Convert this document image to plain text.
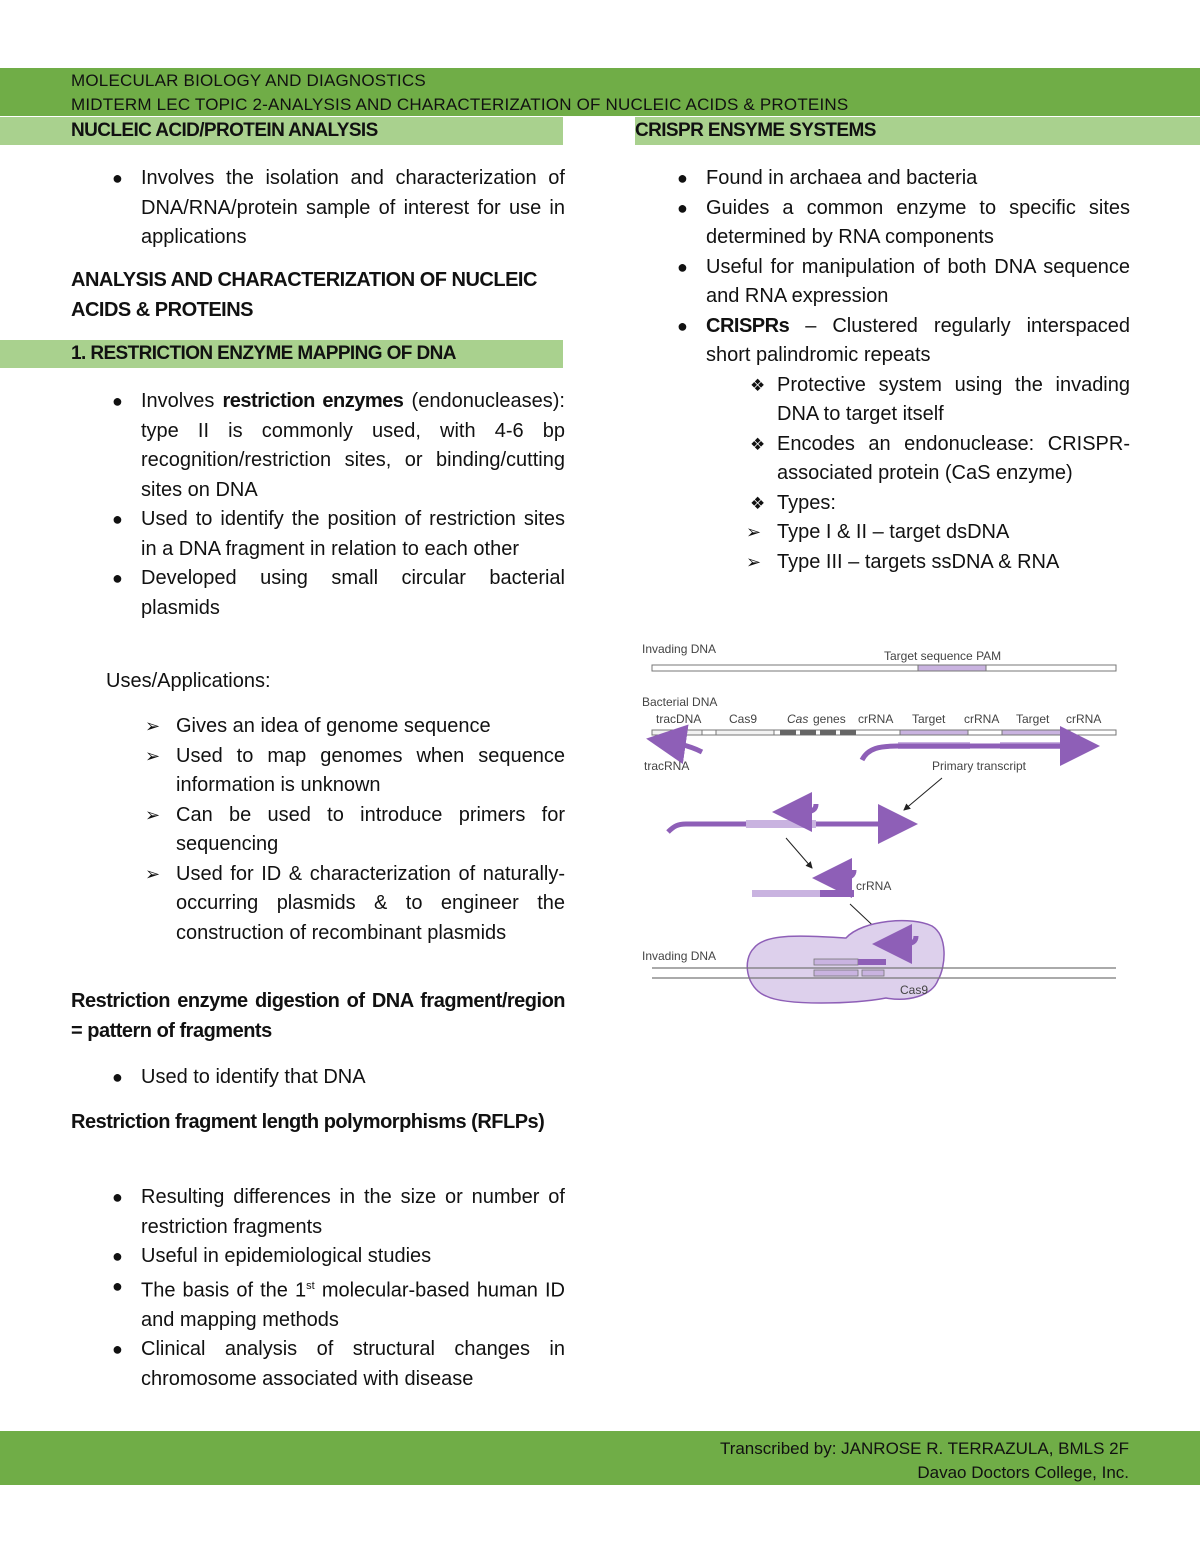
MOLECULAR BIOLOGY AND DIAGNOSTICS
MIDTERM LEC TOPIC 2-ANALYSIS AND CHARACTERIZATION OF NUCLEIC ACIDS & PROTEINS
NUCLEIC ACID/PROTEIN ANALYSIS	CRISPR ENSYME SYSTEMS
● Involves the isolation and characterization of DNA/RNA/protein sample of interest for use in applications
ANALYSIS AND CHARACTERIZATION OF NUCLEIC ACIDS & PROTEINS
1. RESTRICTION ENZYME MAPPING OF DNA
● Involves restriction enzymes (endonucleases): type II is commonly used, with 4-6 bp recognition/restriction sites, or binding/cutting sites on DNA
● Used to identify the position of restriction sites in a DNA fragment in relation to each other
● Developed using small circular bacterial plasmids
Uses/Applications:
➢ Gives an idea of genome sequence
➢ Used to map genomes when sequence information is unknown
➢ Can be used to introduce primers for sequencing
➢ Used for ID & characterization of naturally-occurring plasmids & to engineer the construction of recombinant plasmids
Restriction enzyme digestion of DNA fragment/region = pattern of fragments
● Used to identify that DNA
Restriction fragment length polymorphisms (RFLPs)
● Resulting differences in the size or number of restriction fragments
● Useful in epidemiological studies
● The basis of the 1st molecular-based human ID and mapping methods
● Clinical analysis of structural changes in chromosome associated with disease
● Found in archaea and bacteria
● Guides a common enzyme to specific sites determined by RNA components
● Useful for manipulation of both DNA sequence and RNA expression
● CRISPRs – Clustered regularly interspaced short palindromic repeats
❖ Protective system using the invading DNA to target itself
❖ Encodes an endonuclease: CRISPR-associated protein (CaS enzyme)
❖ Types:
➢ Type I & II – target dsDNA
➢ Type III – targets ssDNA & RNA
Invading DNA	Target sequence PAM
Bacterial DNA
tracDNA Cas9 Cas genes crRNA Target crRNA Target crRNA
tracRNA	Primary transcript
crRNA
Invading DNA
Cas9
Transcribed by: JANROSE R. TERRAZULA, BMLS 2F
Davao Doctors College, Inc.
